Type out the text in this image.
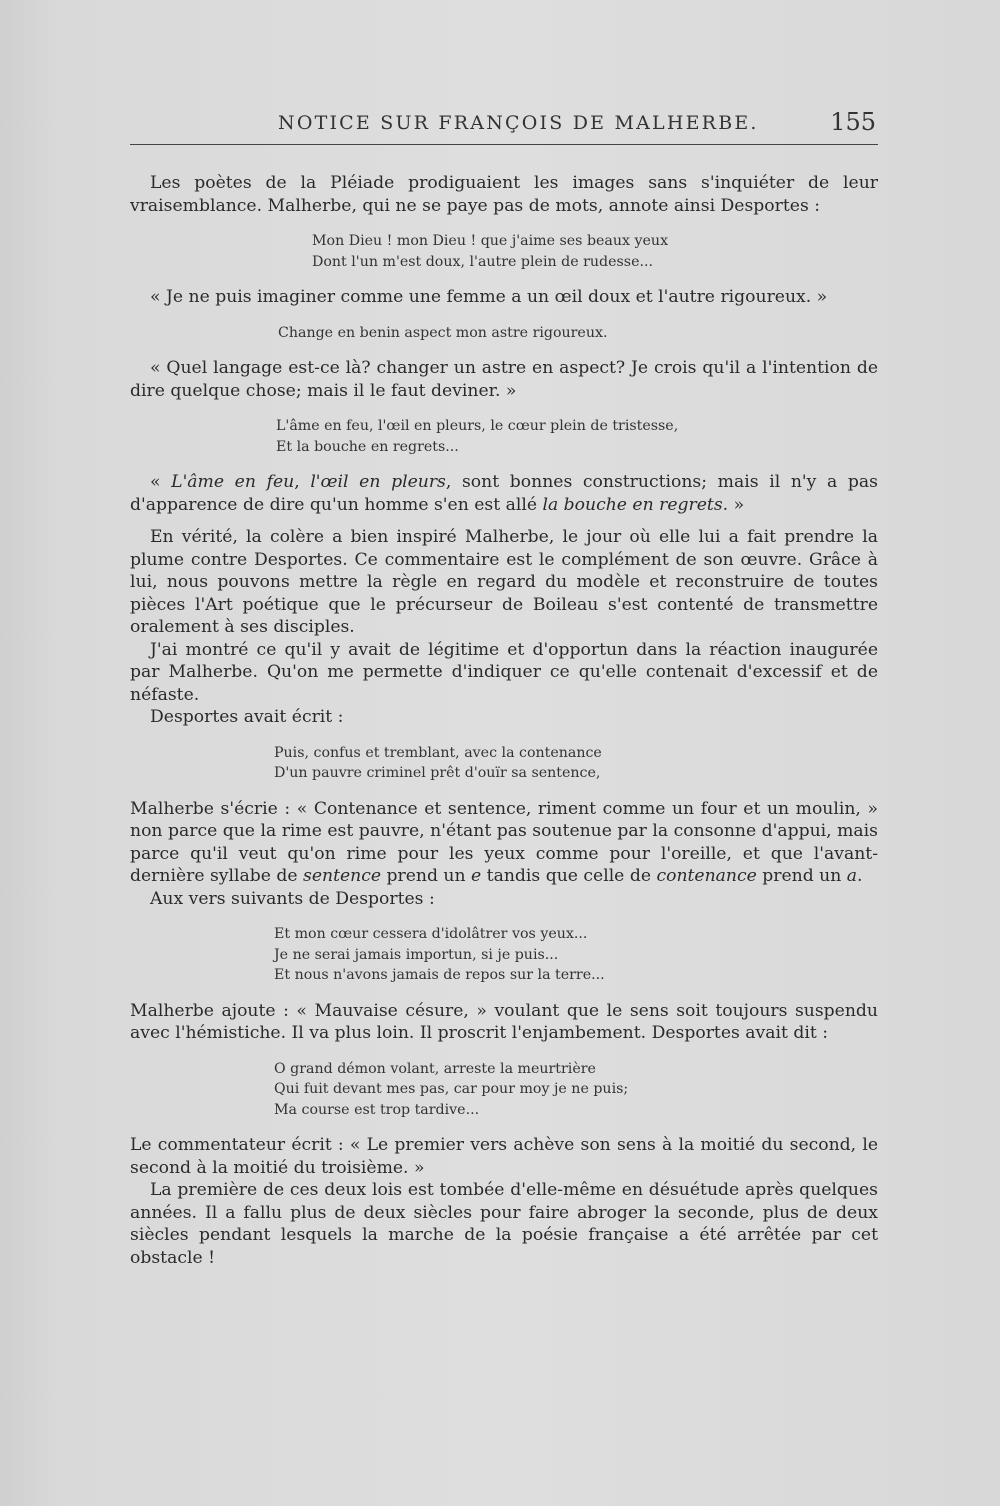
NOTICE SUR FRANÇOIS DE MALHERBE.	155

Les poètes de la Pléiade prodiguaient les images sans s'inquiéter de leur vraisemblance. Malherbe, qui ne se paye pas de mots, annote ainsi Desportes :

Mon Dieu ! mon Dieu ! que j'aime ses beaux yeux
Dont l'un m'est doux, l'autre plein de rudesse...

« Je ne puis imaginer comme une femme a un œil doux et l'autre rigoureux. »

Change en benin aspect mon astre rigoureux.

« Quel langage est-ce là? changer un astre en aspect? Je crois qu'il a l'intention de dire quelque chose; mais il le faut deviner. »

L'âme en feu, l'œil en pleurs, le cœur plein de tristesse,
Et la bouche en regrets...

« L'âme en feu, l'œil en pleurs, sont bonnes constructions; mais il n'y a pas d'apparence de dire qu'un homme s'en est allé la bouche en regrets. »

En vérité, la colère a bien inspiré Malherbe, le jour où elle lui a fait prendre la plume contre Desportes. Ce commentaire est le complément de son œuvre. Grâce à lui, nous pouvons mettre la règle en regard du modèle et reconstruire de toutes pièces l'Art poétique que le précurseur de Boileau s'est contenté de transmettre oralement à ses disciples.

J'ai montré ce qu'il y avait de légitime et d'opportun dans la réaction inaugurée par Malherbe. Qu'on me permette d'indiquer ce qu'elle contenait d'excessif et de néfaste.

Desportes avait écrit :

Puis, confus et tremblant, avec la contenance
D'un pauvre criminel prêt d'ouïr sa sentence,

Malherbe s'écrie : « Contenance et sentence, riment comme un four et un moulin, » non parce que la rime est pauvre, n'étant pas soutenue par la consonne d'appui, mais parce qu'il veut qu'on rime pour les yeux comme pour l'oreille, et que l'avant-dernière syllabe de sentence prend un e tandis que celle de contenance prend un a.

Aux vers suivants de Desportes :

Et mon cœur cessera d'idolâtrer vos yeux...
Je ne serai jamais importun, si je puis...
Et nous n'avons jamais de repos sur la terre...

Malherbe ajoute : « Mauvaise césure, » voulant que le sens soit toujours suspendu avec l'hémistiche. Il va plus loin. Il proscrit l'enjambement. Desportes avait dit :

O grand démon volant, arreste la meurtrière
Qui fuit devant mes pas, car pour moy je ne puis;
Ma course est trop tardive...

Le commentateur écrit : « Le premier vers achève son sens à la moitié du second, le second à la moitié du troisième. »

La première de ces deux lois est tombée d'elle-même en désuétude après quelques années. Il a fallu plus de deux siècles pour faire abroger la seconde, plus de deux siècles pendant lesquels la marche de la poésie française a été arrêtée par cet obstacle !
